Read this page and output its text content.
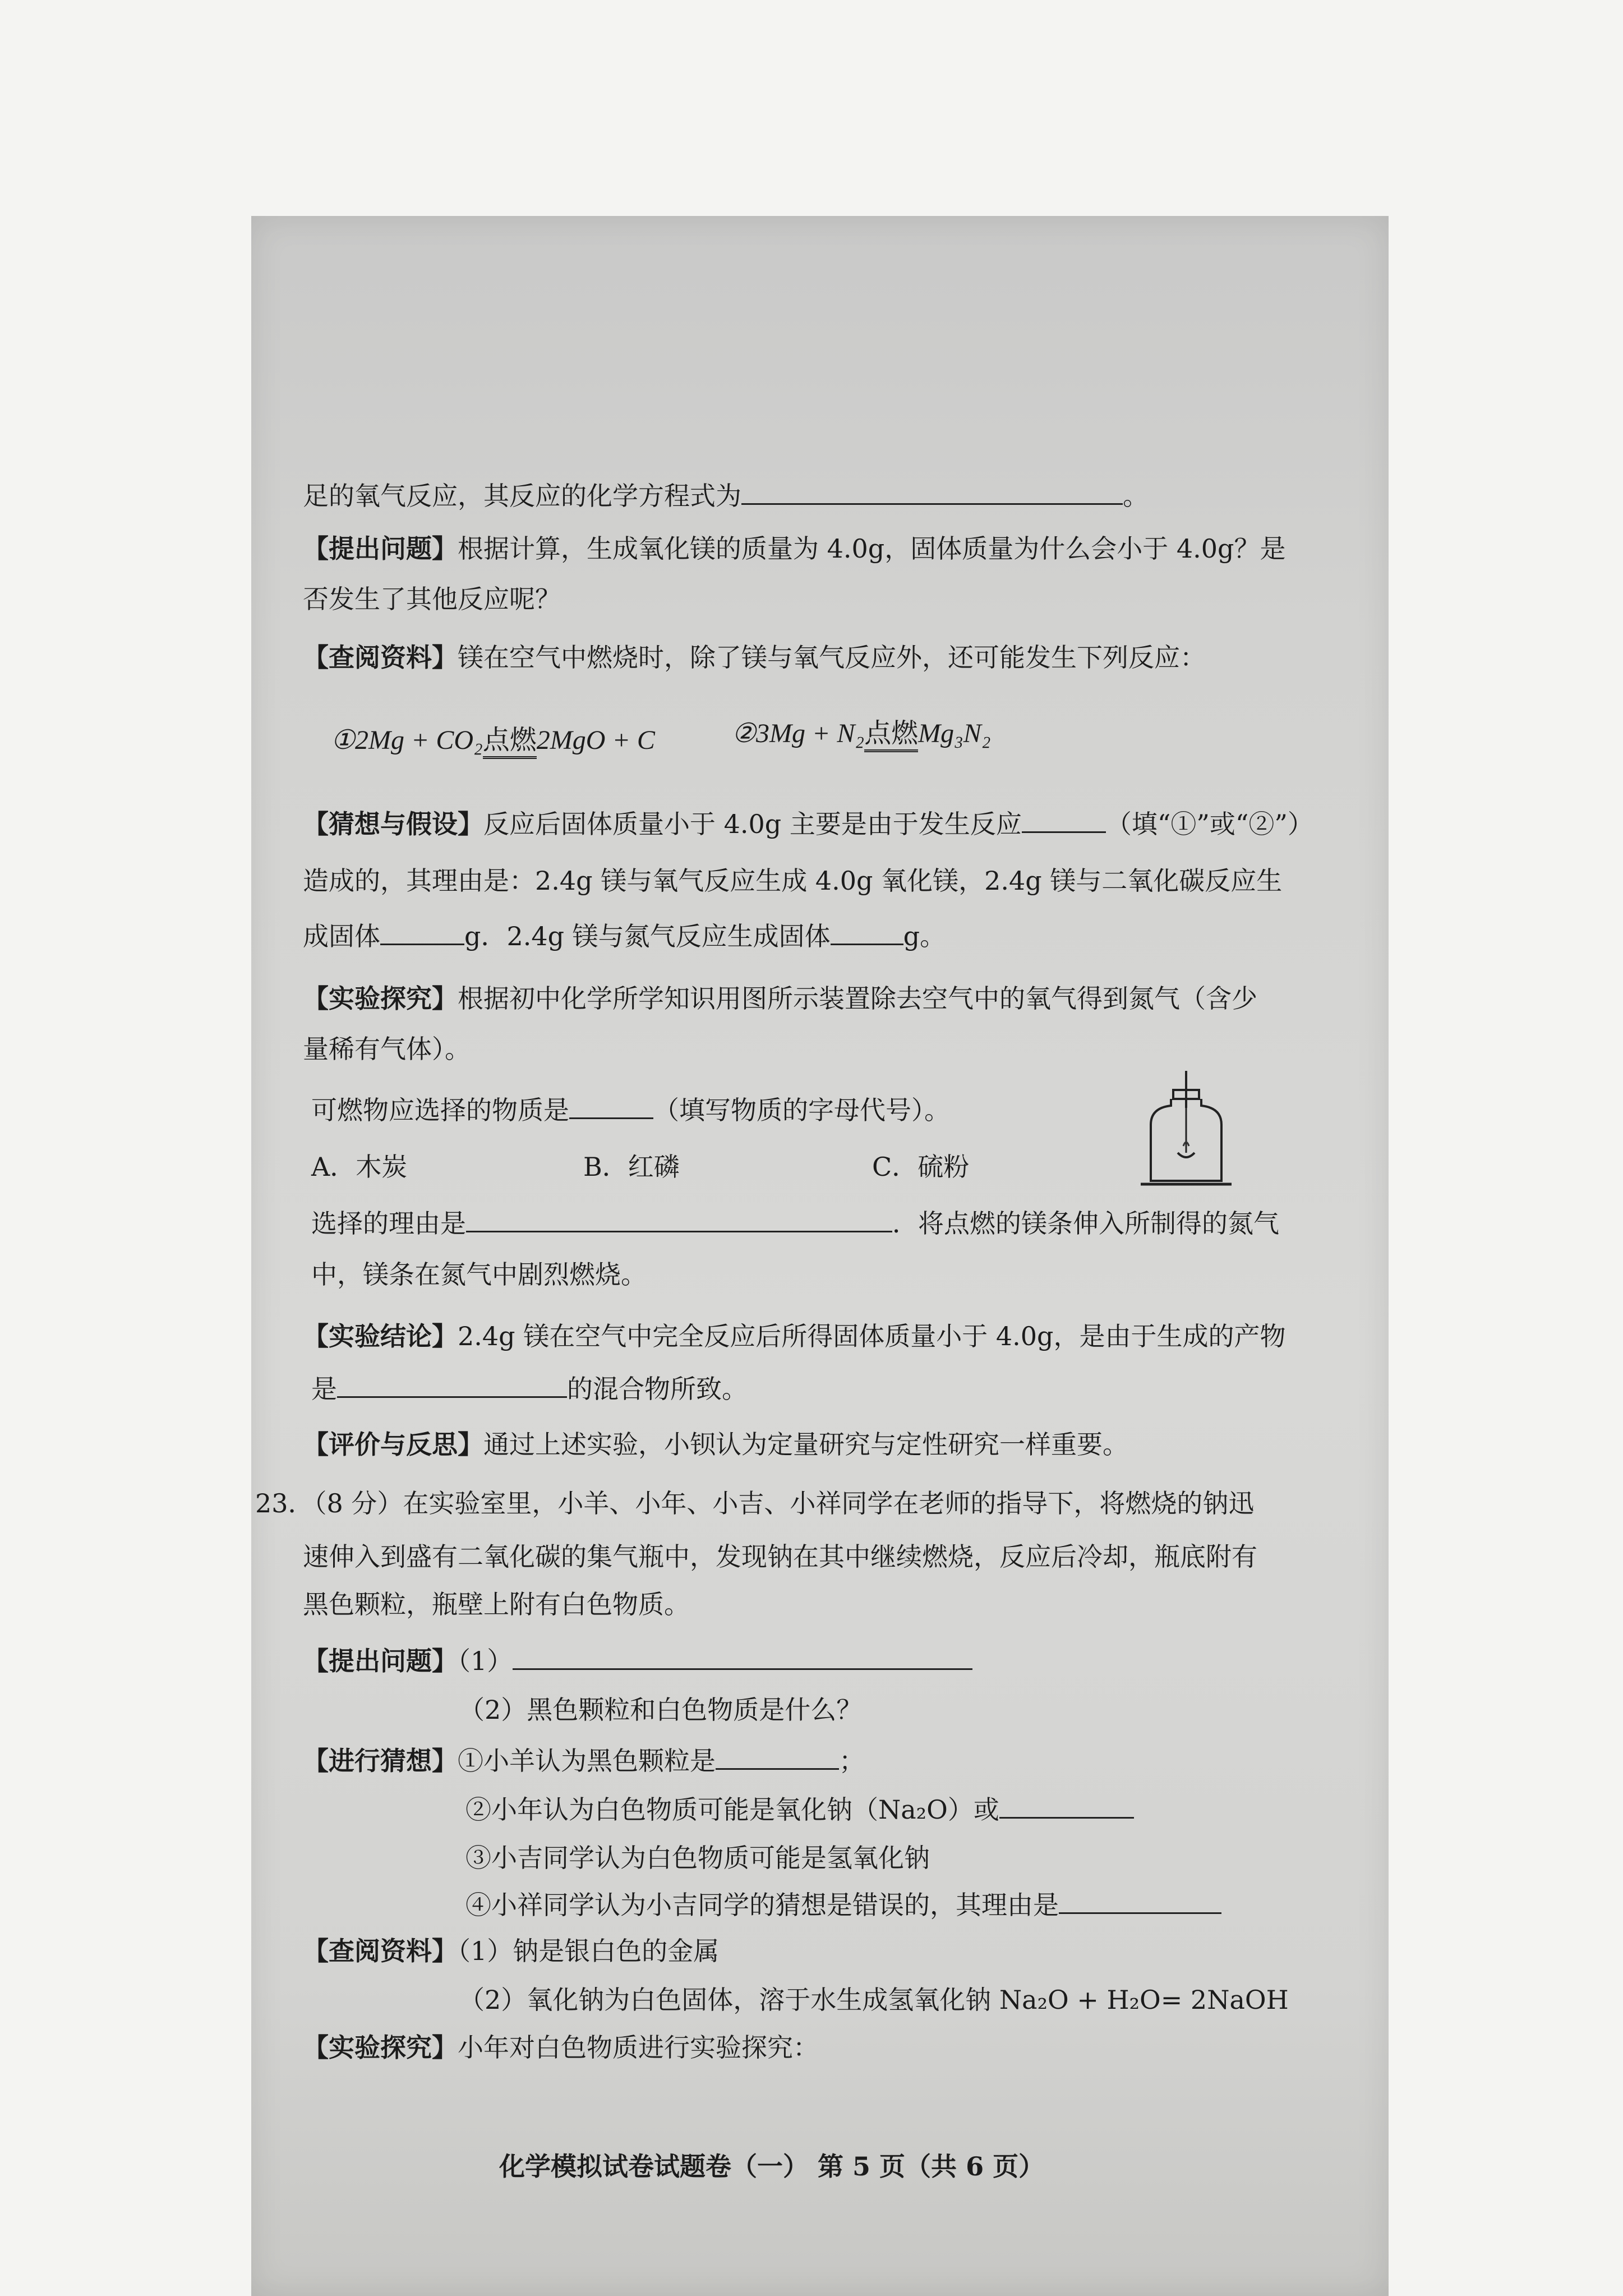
足的氧气反应，其反应的化学方程式为	。
【提出问题】根据计算，生成氧化镁的质量为 4.0g，固体质量为什么会小于 4.0g？是
否发生了其他反应呢？
【查阅资料】镁在空气中燃烧时，除了镁与氧气反应外，还可能发生下列反应：
①2Mg + CO₂点燃2MgO + C	②3Mg + N₂点燃Mg₃N₂
【猜想与假设】反应后固体质量小于 4.0g 主要是由于发生反应	（填“①”或“②”）
造成的，其理由是：2.4g 镁与氧气反应生成 4.0g 氧化镁，2.4g 镁与二氧化碳反应生
成固体	g．2.4g 镁与氮气反应生成固体	g。
【实验探究】根据初中化学所学知识用图所示装置除去空气中的氧气得到氮气（含少
量稀有气体）。
可燃物应选择的物质是	（填写物质的字母代号）。
A．木炭	B．红磷	C．硫粉
选择的理由是	．将点燃的镁条伸入所制得的氮气
中，镁条在氮气中剧烈燃烧。
【实验结论】2.4g 镁在空气中完全反应后所得固体质量小于 4.0g，是由于生成的产物
是	的混合物所致。
【评价与反思】通过上述实验，小钡认为定量研究与定性研究一样重要。
23．（8 分）在实验室里，小羊、小年、小吉、小祥同学在老师的指导下，将燃烧的钠迅
速伸入到盛有二氧化碳的集气瓶中，发现钠在其中继续燃烧，反应后冷却，瓶底附有
黑色颗粒，瓶壁上附有白色物质。
【提出问题】（1）
（2）黑色颗粒和白色物质是什么？
【进行猜想】①小羊认为黑色颗粒是	；
②小年认为白色物质可能是氧化钠（Na₂O）或
③小吉同学认为白色物质可能是氢氧化钠
④小祥同学认为小吉同学的猜想是错误的，其理由是
【查阅资料】（1）钠是银白色的金属
（2）氧化钠为白色固体，溶于水生成氢氧化钠 Na₂O + H₂O= 2NaOH
【实验探究】小年对白色物质进行实验探究：
化学模拟试卷试题卷（一） 第 5 页（共 6 页）
